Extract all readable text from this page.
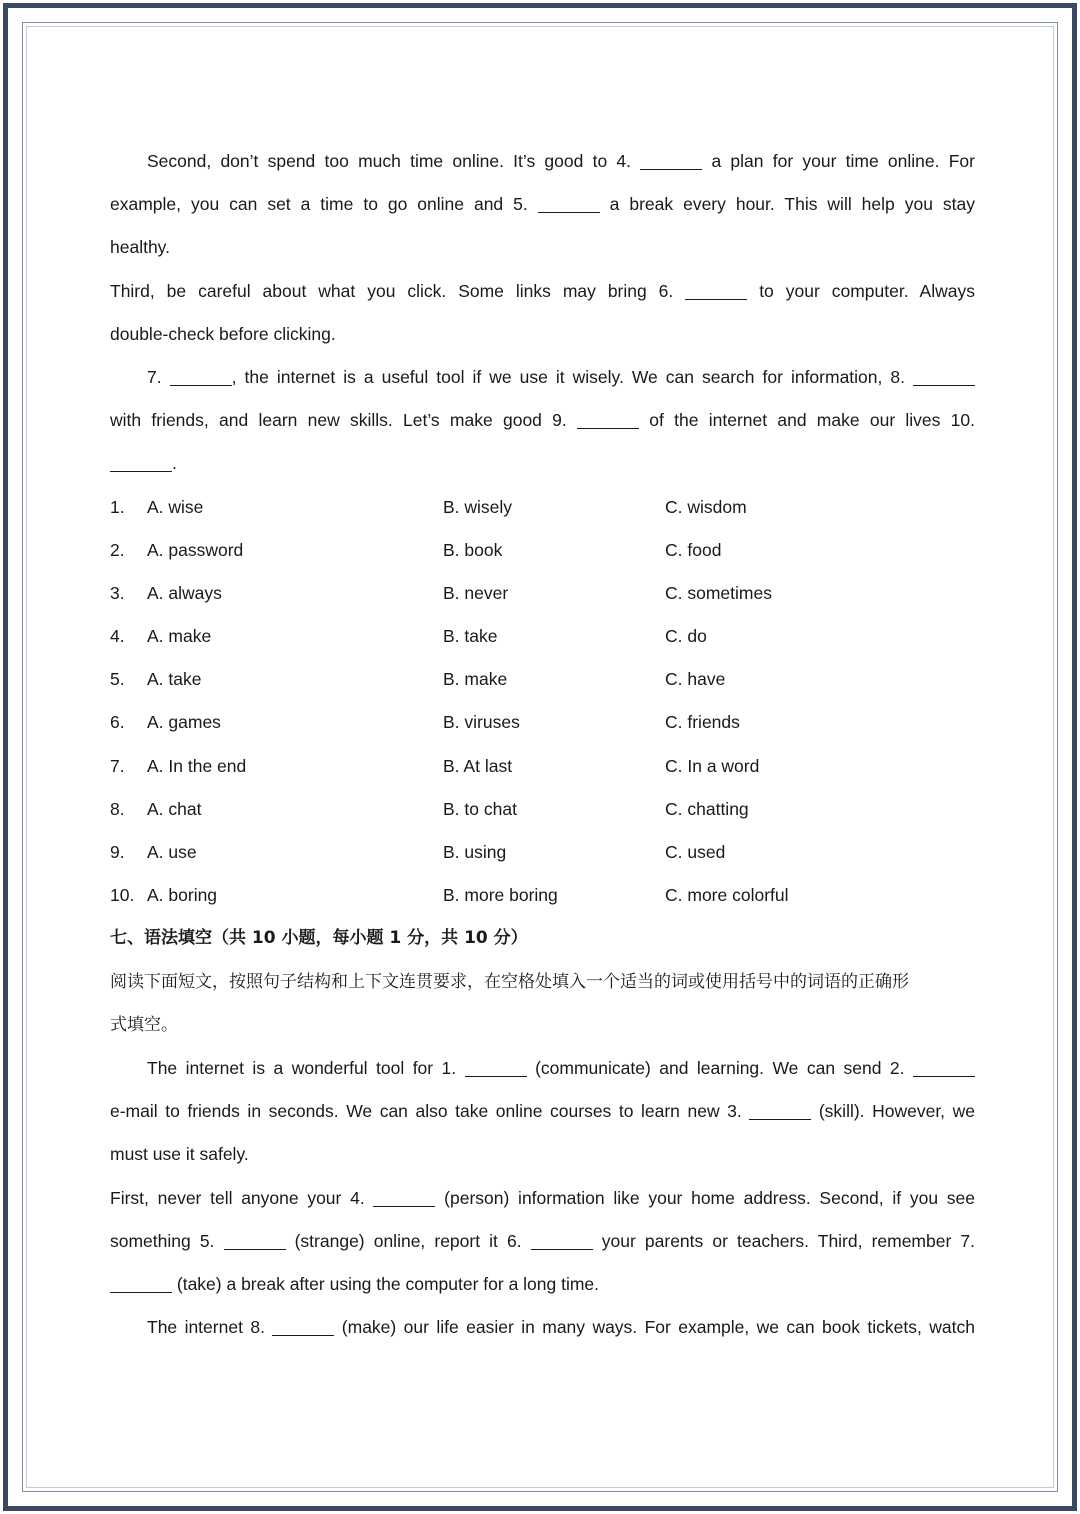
Second, don’t spend too much time online. It’s good to 4.	a plan for your time online. For
example, you can set a time to go online and 5.	a break every hour. This will help you stay
healthy.
Third, be careful about what you click. Some links may bring 6.	to your computer. Always
double-check before clicking.
7.	, the internet is a useful tool if we use it wisely. We can search for information, 8.
with friends, and learn new skills. Let’s make good 9.	of the internet and make our lives 10.
.
1. A. wise	B. wisely	C. wisdom
2. A. password	B. book	C. food
3. A. always	B. never	C. sometimes
4. A. make	B. take	C. do
5. A. take	B. make	C. have
6. A. games	B. viruses	C. friends
7. A. In the end	B. At last	C. In a word
8. A. chat	B. to chat	C. chatting
9. A. use	B. using	C. used
10. A. boring	B. more boring	C. more colorful
七、语法填空（共 10 小题，每小题 1 分，共 10 分）
阅读下面短文，按照句子结构和上下文连贯要求，在空格处填入一个适当的词或使用括号中的词语的正确形
式填空。
The internet is a wonderful tool for 1.	(communicate) and learning. We can send 2.
e-mail to friends in seconds. We can also take online courses to learn new 3.	(skill). However, we
must use it safely.
First, never tell anyone your 4.	(person) information like your home address. Second, if you see
something 5.	(strange) online, report it 6.	your parents or teachers. Third, remember 7.
(take) a break after using the computer for a long time.
The internet 8.	(make) our life easier in many ways. For example, we can book tickets, watch
